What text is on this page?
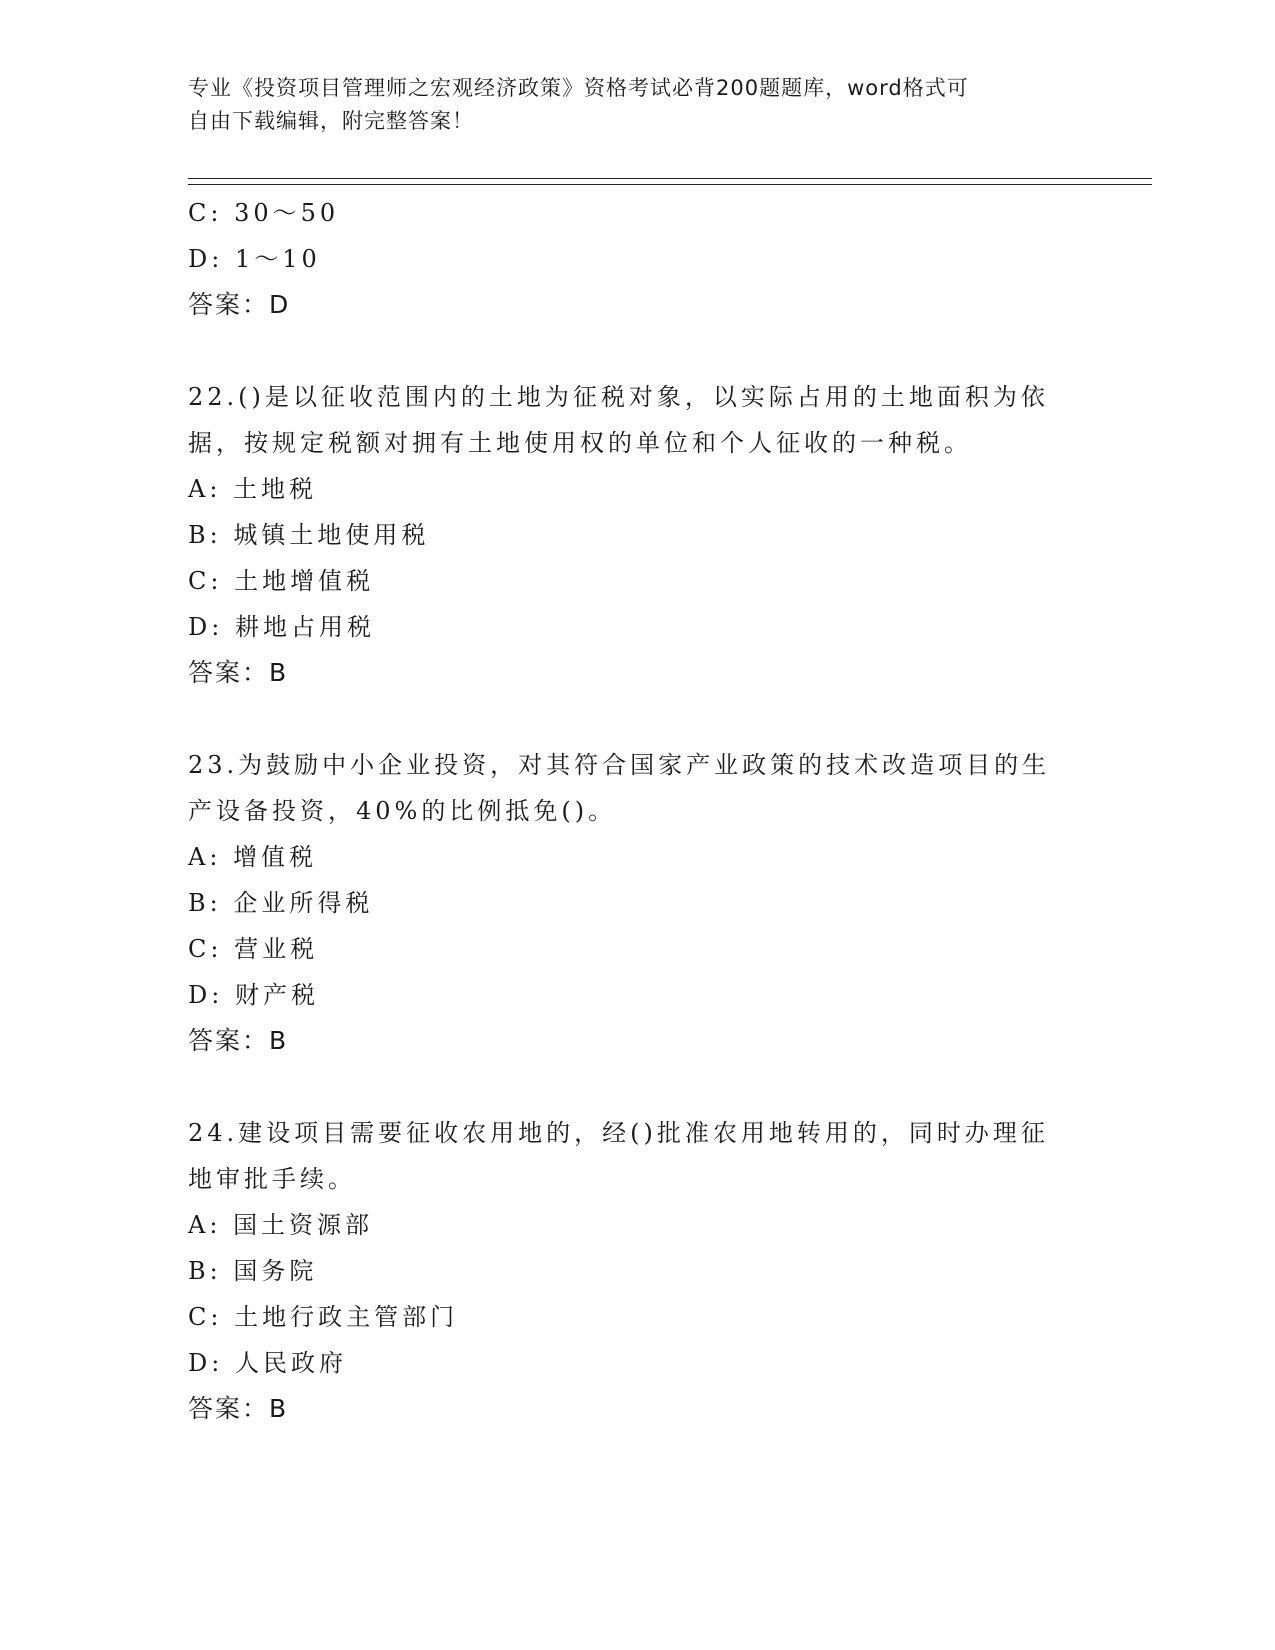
专业《投资项目管理师之宏观经济政策》资格考试必背200题题库，word格式可
自由下载编辑，附完整答案！
C: 30～50
D: 1～10
答案：D
22.()是以征收范围内的土地为征税对象，以实际占用的土地面积为依
据，按规定税额对拥有土地使用权的单位和个人征收的一种税。
A: 土地税
B: 城镇土地使用税
C: 土地增值税
D: 耕地占用税
答案：B
23.为鼓励中小企业投资，对其符合国家产业政策的技术改造项目的生
产设备投资，40%的比例抵免()。
A: 增值税
B: 企业所得税
C: 营业税
D: 财产税
答案：B
24.建设项目需要征收农用地的，经()批准农用地转用的，同时办理征
地审批手续。
A: 国土资源部
B: 国务院
C: 土地行政主管部门
D: 人民政府
答案：B
